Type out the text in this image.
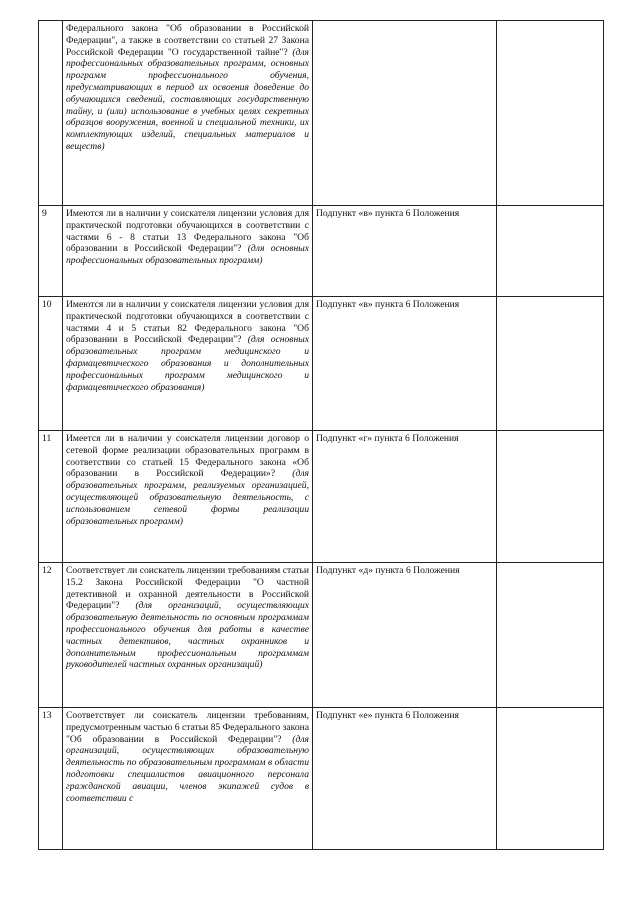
	Федерального закона "Об образовании в Российской Федерации", а также в соответствии со статьей 27 Закона Российской Федерации "О государственной тайне"? (для профессиональных образовательных программ, основных программ профессионального обучения, предусматривающих в период их освоения доведение до обучающихся сведений, составляющих государственную тайну, и (или) использование в учебных целях секретных образцов вооружения, военной и специальной техники, их комплектующих изделий, специальных материалов и веществ)		
9	Имеются ли в наличии у соискателя лицензии условия для практической подготовки обучающихся в соответствии с частями 6 - 8 статьи 13 Федерального закона "Об образовании в Российской Федерации"? (для основных профессиональных образовательных программ)	Подпункт «в» пункта 6 Положения	
10	Имеются ли в наличии у соискателя лицензии условия для практической подготовки обучающихся в соответствии с частями 4 и 5 статьи 82 Федерального закона "Об образовании в Российской Федерации"? (для основных образовательных программ медицинского и фармацевтического образования и дополнительных профессиональных программ медицинского и фармацевтического образования)	Подпункт «в» пункта 6 Положения	
11	Имеется ли в наличии у соискателя лицензии договор о сетевой форме реализации образовательных программ в соответствии со статьей 15 Федерального закона «Об образовании в Российской Федерации»? (для образовательных программ, реализуемых организацией, осуществляющей образовательную деятельность, с использованием сетевой формы реализации образовательных программ)	Подпункт «г» пункта 6 Положения	
12	Соответствует ли соискатель лицензии требованиям статьи 15.2 Закона Российской Федерации "О частной детективной и охранной деятельности в Российской Федерации"? (для организаций, осуществляющих образовательную деятельность по основным программам профессионального обучения для работы в качестве частных детективов, частных охранников и дополнительным профессиональным программам руководителей частных охранных организаций)	Подпункт «д» пункта 6 Положения	
13	Соответствует ли соискатель лицензии требованиям, предусмотренным частью 6 статьи 85 Федерального закона "Об образовании в Российской Федерации"? (для организаций, осуществляющих образовательную деятельность по образовательным программам в области подготовки специалистов авиационного персонала гражданской авиации, членов экипажей судов в соответствии с	Подпункт «е» пункта 6 Положения	
